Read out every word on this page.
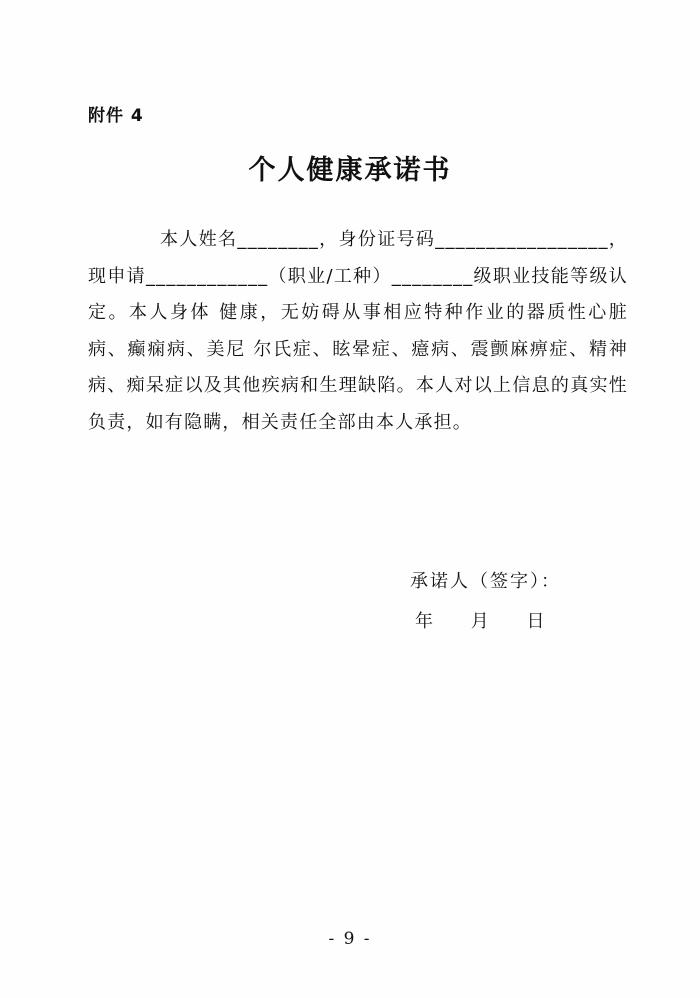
附件 4
个人健康承诺书

本人姓名________，身份证号码_________________，现申请____________（职业/工种）________级职业技能等级认定。本人身体 健康，无妨碍从事相应特种作业的器质性心脏病、癫痫病、美尼 尔氏症、眩晕症、癔病、震颤麻痹症、精神病、痴呆症以及其他疾病和生理缺陷。本人对以上信息的真实性负责，如有隐瞒，相关责任全部由本人承担。

承诺人（签字）：
年 月 日
- 9 -
